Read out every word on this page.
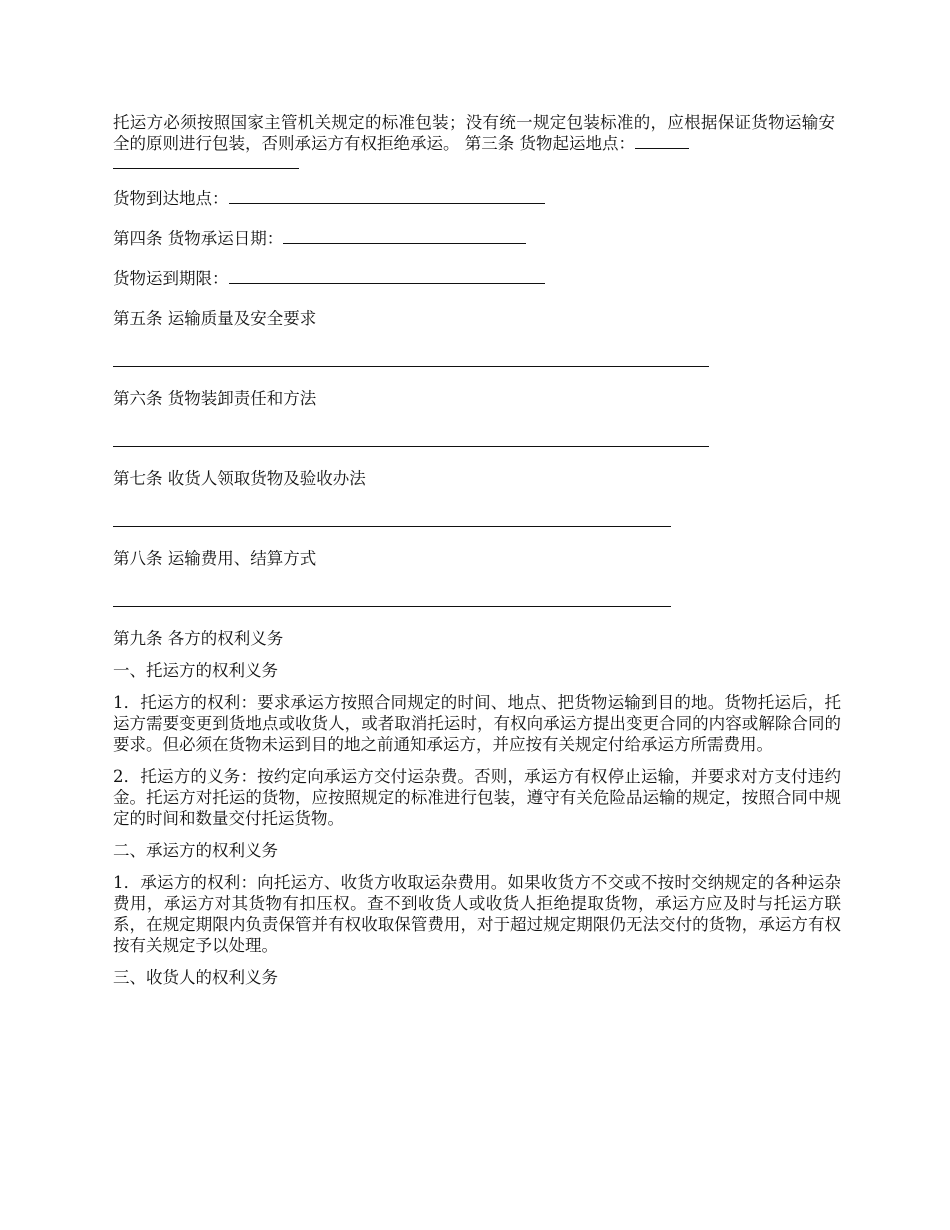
托运方必须按照国家主管机关规定的标准包装；没有统一规定包装标准的，应根据保证货物运输安全的原则进行包装，否则承运方有权拒绝承运。 第三条 货物起运地点：

货物到达地点：

第四条 货物承运日期：

货物运到期限：

第五条 运输质量及安全要求

第六条 货物装卸责任和方法

第七条 收货人领取货物及验收办法

第八条 运输费用、结算方式

第九条 各方的权利义务

一、托运方的权利义务

1．托运方的权利：要求承运方按照合同规定的时间、地点、把货物运输到目的地。货物托运后，托运方需要变更到货地点或收货人，或者取消托运时，有权向承运方提出变更合同的内容或解除合同的要求。但必须在货物未运到目的地之前通知承运方，并应按有关规定付给承运方所需费用。

2．托运方的义务：按约定向承运方交付运杂费。否则，承运方有权停止运输，并要求对方支付违约金。托运方对托运的货物，应按照规定的标准进行包装，遵守有关危险品运输的规定，按照合同中规定的时间和数量交付托运货物。

二、承运方的权利义务

1．承运方的权利：向托运方、收货方收取运杂费用。如果收货方不交或不按时交纳规定的各种运杂费用，承运方对其货物有扣压权。查不到收货人或收货人拒绝提取货物，承运方应及时与托运方联系，在规定期限内负责保管并有权收取保管费用，对于超过规定期限仍无法交付的货物，承运方有权按有关规定予以处理。

三、收货人的权利义务
